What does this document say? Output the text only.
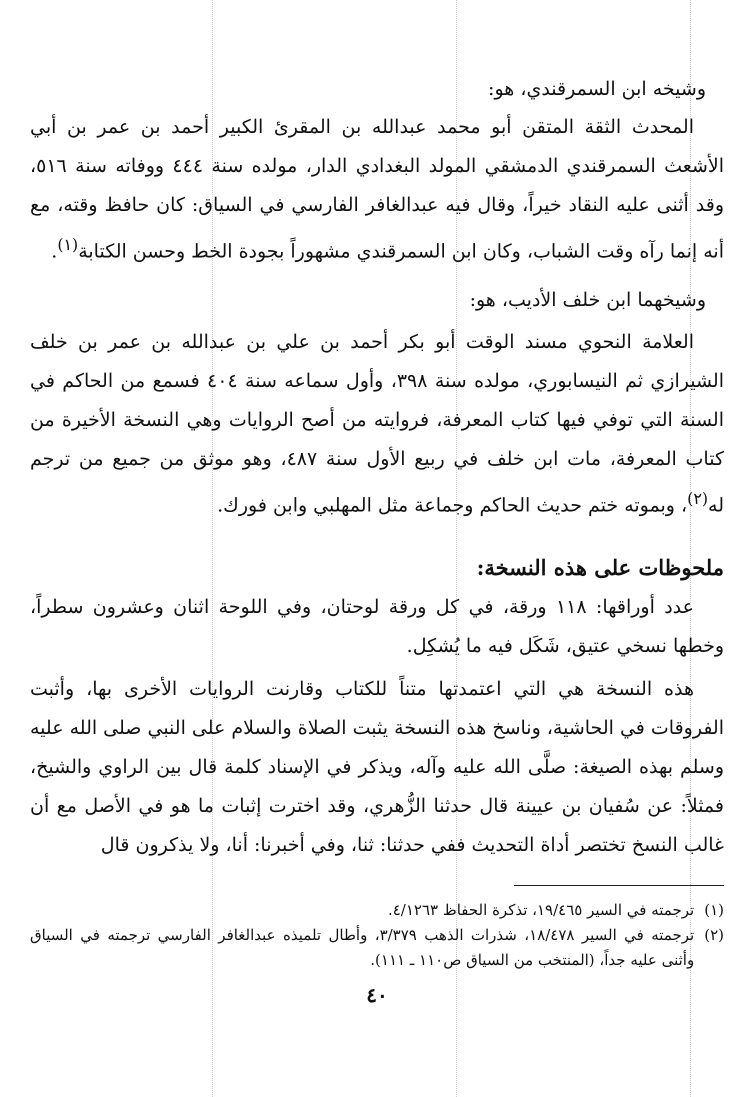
وشيخه ابن السمرقندي، هو:

المحدث الثقة المتقن أبو محمد عبدالله بن المقرئ الكبير أحمد بن عمر بن أبي الأشعث السمرقندي الدمشقي المولد البغدادي الدار، مولده سنة ٤٤٤ ووفاته سنة ٥١٦، وقد أثنى عليه النقاد خيراً، وقال فيه عبدالغافر الفارسي في السياق: كان حافظ وقته، مع أنه إنما رآه وقت الشباب، وكان ابن السمرقندي مشهوراً بجودة الخط وحسن الكتابة$^{(١)}$.

وشيخهما ابن خلف الأديب، هو:

العلامة النحوي مسند الوقت أبو بكر أحمد بن علي بن عبدالله بن عمر بن خلف الشيرازي ثم النيسابوري، مولده سنة ٣٩٨، وأول سماعه سنة ٤٠٤ فسمع من الحاكم في السنة التي توفي فيها كتاب المعرفة، فروايته من أصح الروايات وهي النسخة الأخيرة من كتاب المعرفة، مات ابن خلف في ربيع الأول سنة ٤٨٧، وهو موثق من جميع من ترجم له$^{(٢)}$، وبموته ختم حديث الحاكم وجماعة مثل المهلبي وابن فورك.

ملحوظات على هذه النسخة:

عدد أوراقها: ١١٨ ورقة، في كل ورقة لوحتان، وفي اللوحة اثنان وعشرون سطراً، وخطها نسخي عتيق، شَكَل فيه ما يُشكِل.

هذه النسخة هي التي اعتمدتها متناً للكتاب وقارنت الروايات الأخرى بها، وأثبت الفروقات في الحاشية، وناسخ هذه النسخة يثبت الصلاة والسلام على النبي صلى الله عليه وسلم بهذه الصيغة: صلَّى الله عليه وآله، ويذكر في الإسناد كلمة قال بين الراوي والشيخ، فمثلاً: عن سُفيان بن عيينة قال حدثنا الزُّهري، وقد اخترت إثبات ما هو في الأصل مع أن غالب النسخ تختصر أداة التحديث ففي حدثنا: ثنا، وفي أخبرنا: أنا، ولا يذكرون قال

(١)
ترجمته في السير ١٩/٤٦٥، تذكرة الحفاظ ٤/١٢٦٣.
(٢)
ترجمته في السير ١٨/٤٧٨، شذرات الذهب ٣/٣٧٩، وأطال تلميذه عبدالغافر الفارسي ترجمته في السياق وأثنى عليه جداً، (المنتخب من السياق ص١١٠ ـ ١١١).
٤٠
